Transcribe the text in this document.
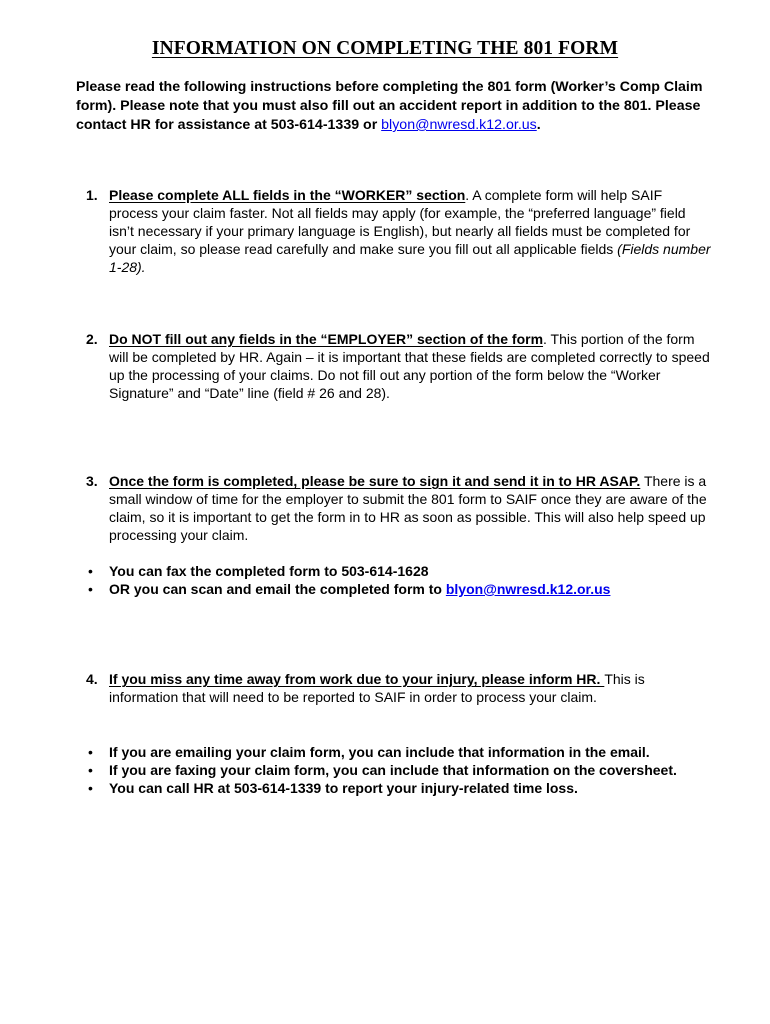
INFORMATION ON COMPLETING THE 801 FORM
Please read the following instructions before completing the 801 form (Worker’s Comp Claim form). Please note that you must also fill out an accident report in addition to the 801. Please contact HR for assistance at 503-614-1339 or blyon@nwresd.k12.or.us.
1. Please complete ALL fields in the “WORKER” section. A complete form will help SAIF process your claim faster. Not all fields may apply (for example, the “preferred language” field isn’t necessary if your primary language is English), but nearly all fields must be completed for your claim, so please read carefully and make sure you fill out all applicable fields (Fields number 1-28).
2. Do NOT fill out any fields in the “EMPLOYER” section of the form. This portion of the form will be completed by HR. Again – it is important that these fields are completed correctly to speed up the processing of your claims. Do not fill out any portion of the form below the “Worker Signature” and “Date” line (field # 26 and 28).
3. Once the form is completed, please be sure to sign it and send it in to HR ASAP. There is a small window of time for the employer to submit the 801 form to SAIF once they are aware of the claim, so it is important to get the form in to HR as soon as possible. This will also help speed up processing your claim.
• You can fax the completed form to 503-614-1628
• OR you can scan and email the completed form to blyon@nwresd.k12.or.us
4. If you miss any time away from work due to your injury, please inform HR. This is information that will need to be reported to SAIF in order to process your claim.
• If you are emailing your claim form, you can include that information in the email.
• If you are faxing your claim form, you can include that information on the coversheet.
• You can call HR at 503-614-1339 to report your injury-related time loss.
